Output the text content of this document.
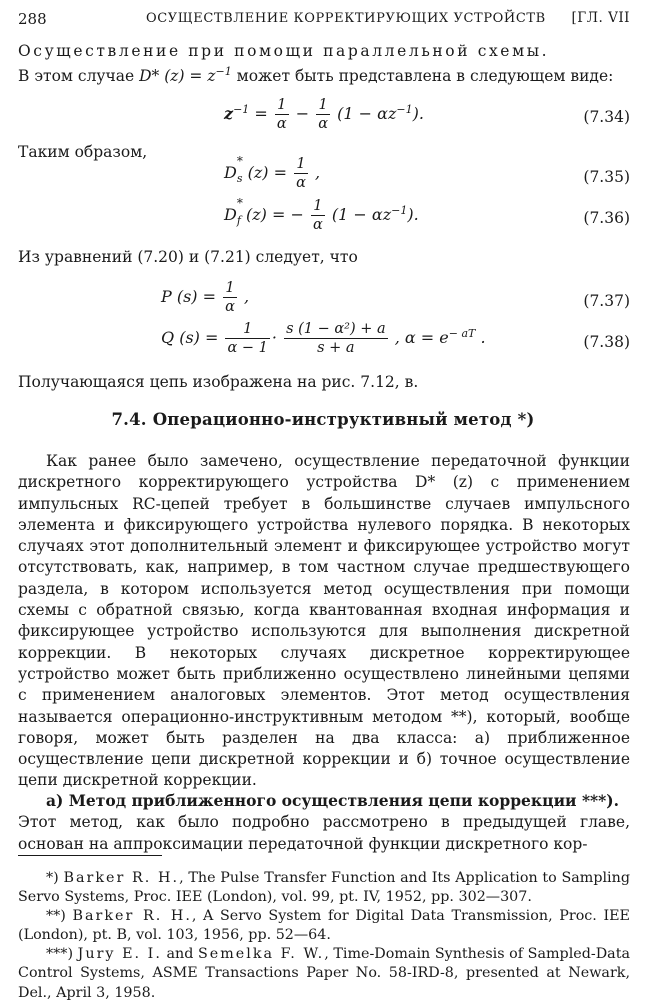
288	ОСУЩЕСТВЛЕНИЕ КОРРЕКТИРУЮЩИХ УСТРОЙСТВ [ГЛ. VII
Осуществление при помощи параллельной схемы.
В этом случае D* $(z) = z^{-1}$ может быть представлена в следующем виде:
$z^{-1} = \frac{1}{\alpha} - \frac{1}{\alpha} (1 - \alpha z^{-1})$.	(7.34)
Таким образом,
D
*
$_s$ $(z) = \frac{1}{\alpha}$ ,	(7.35)
D
*
$_f$ (z) = − $\frac{1}{\alpha} (1 - \alpha z^{-1})$.	(7.36)
Из уравнений (7.20) и (7.21) следует, что
P $(s) = \frac{1}{\alpha}$ ,	(7.37)
Q $(s) = \frac{1}{\alpha - 1} \cdot \frac{\text{s (1 − α²) + a}}{s + a}$ , $\alpha = e^{- aT}$ .	(7.38)
Получающаяся цепь изображена на рис. 7.12, в.
7.4. Операционно-инструктивный метод *)
Как ранее было замечено, осуществление передаточной функции дискретного корректирующего устройства D* (z) с применением импульсных RC-цепей требует в большинстве случаев импульсного элемента и фиксирующего устройства нулевого порядка. В некоторых случаях этот дополнительный элемент и фиксирующее устройство могут отсутствовать, как, например, в том частном случае предшествующего раздела, в котором используется метод осуществления при помощи схемы с обратной связью, когда квантованная входная информация и фиксирующее устройство используются для выполнения дискретной коррекции. В некоторых случаях дискретное корректирующее устройство может быть приближенно осуществлено линейными цепями с применением аналоговых элементов. Этот метод осуществления называется операционно-инструктивным методом **), который, вообще говоря, может быть разделен на два класса: а) приближенное осуществление цепи дискретной коррекции и б) точное осуществление цепи дискретной коррекции.
а) Метод приближенного осуществления цепи коррекции ***).
Этот метод, как было подробно рассмотрено в предыдущей главе, основан на аппроксимации передаточной функции дискретного кор-
*) Barker R. H., The Pulse Transfer Function and Its Application to Sampling Servo Systems, Proc. IEE (London), vol. 99, pt. IV, 1952, pp. 302—307.
**) Barker R. H., A Servo System for Digital Data Transmission, Proc. IEE (London), pt. B, vol. 103, 1956, pp. 52—64.
***) Jury E. I. and Semelka F. W., Time-Domain Synthesis of Sampled-Data Control Systems, ASME Transactions Paper No. 58-IRD-8, presented at Newark, Del., April 3, 1958.
